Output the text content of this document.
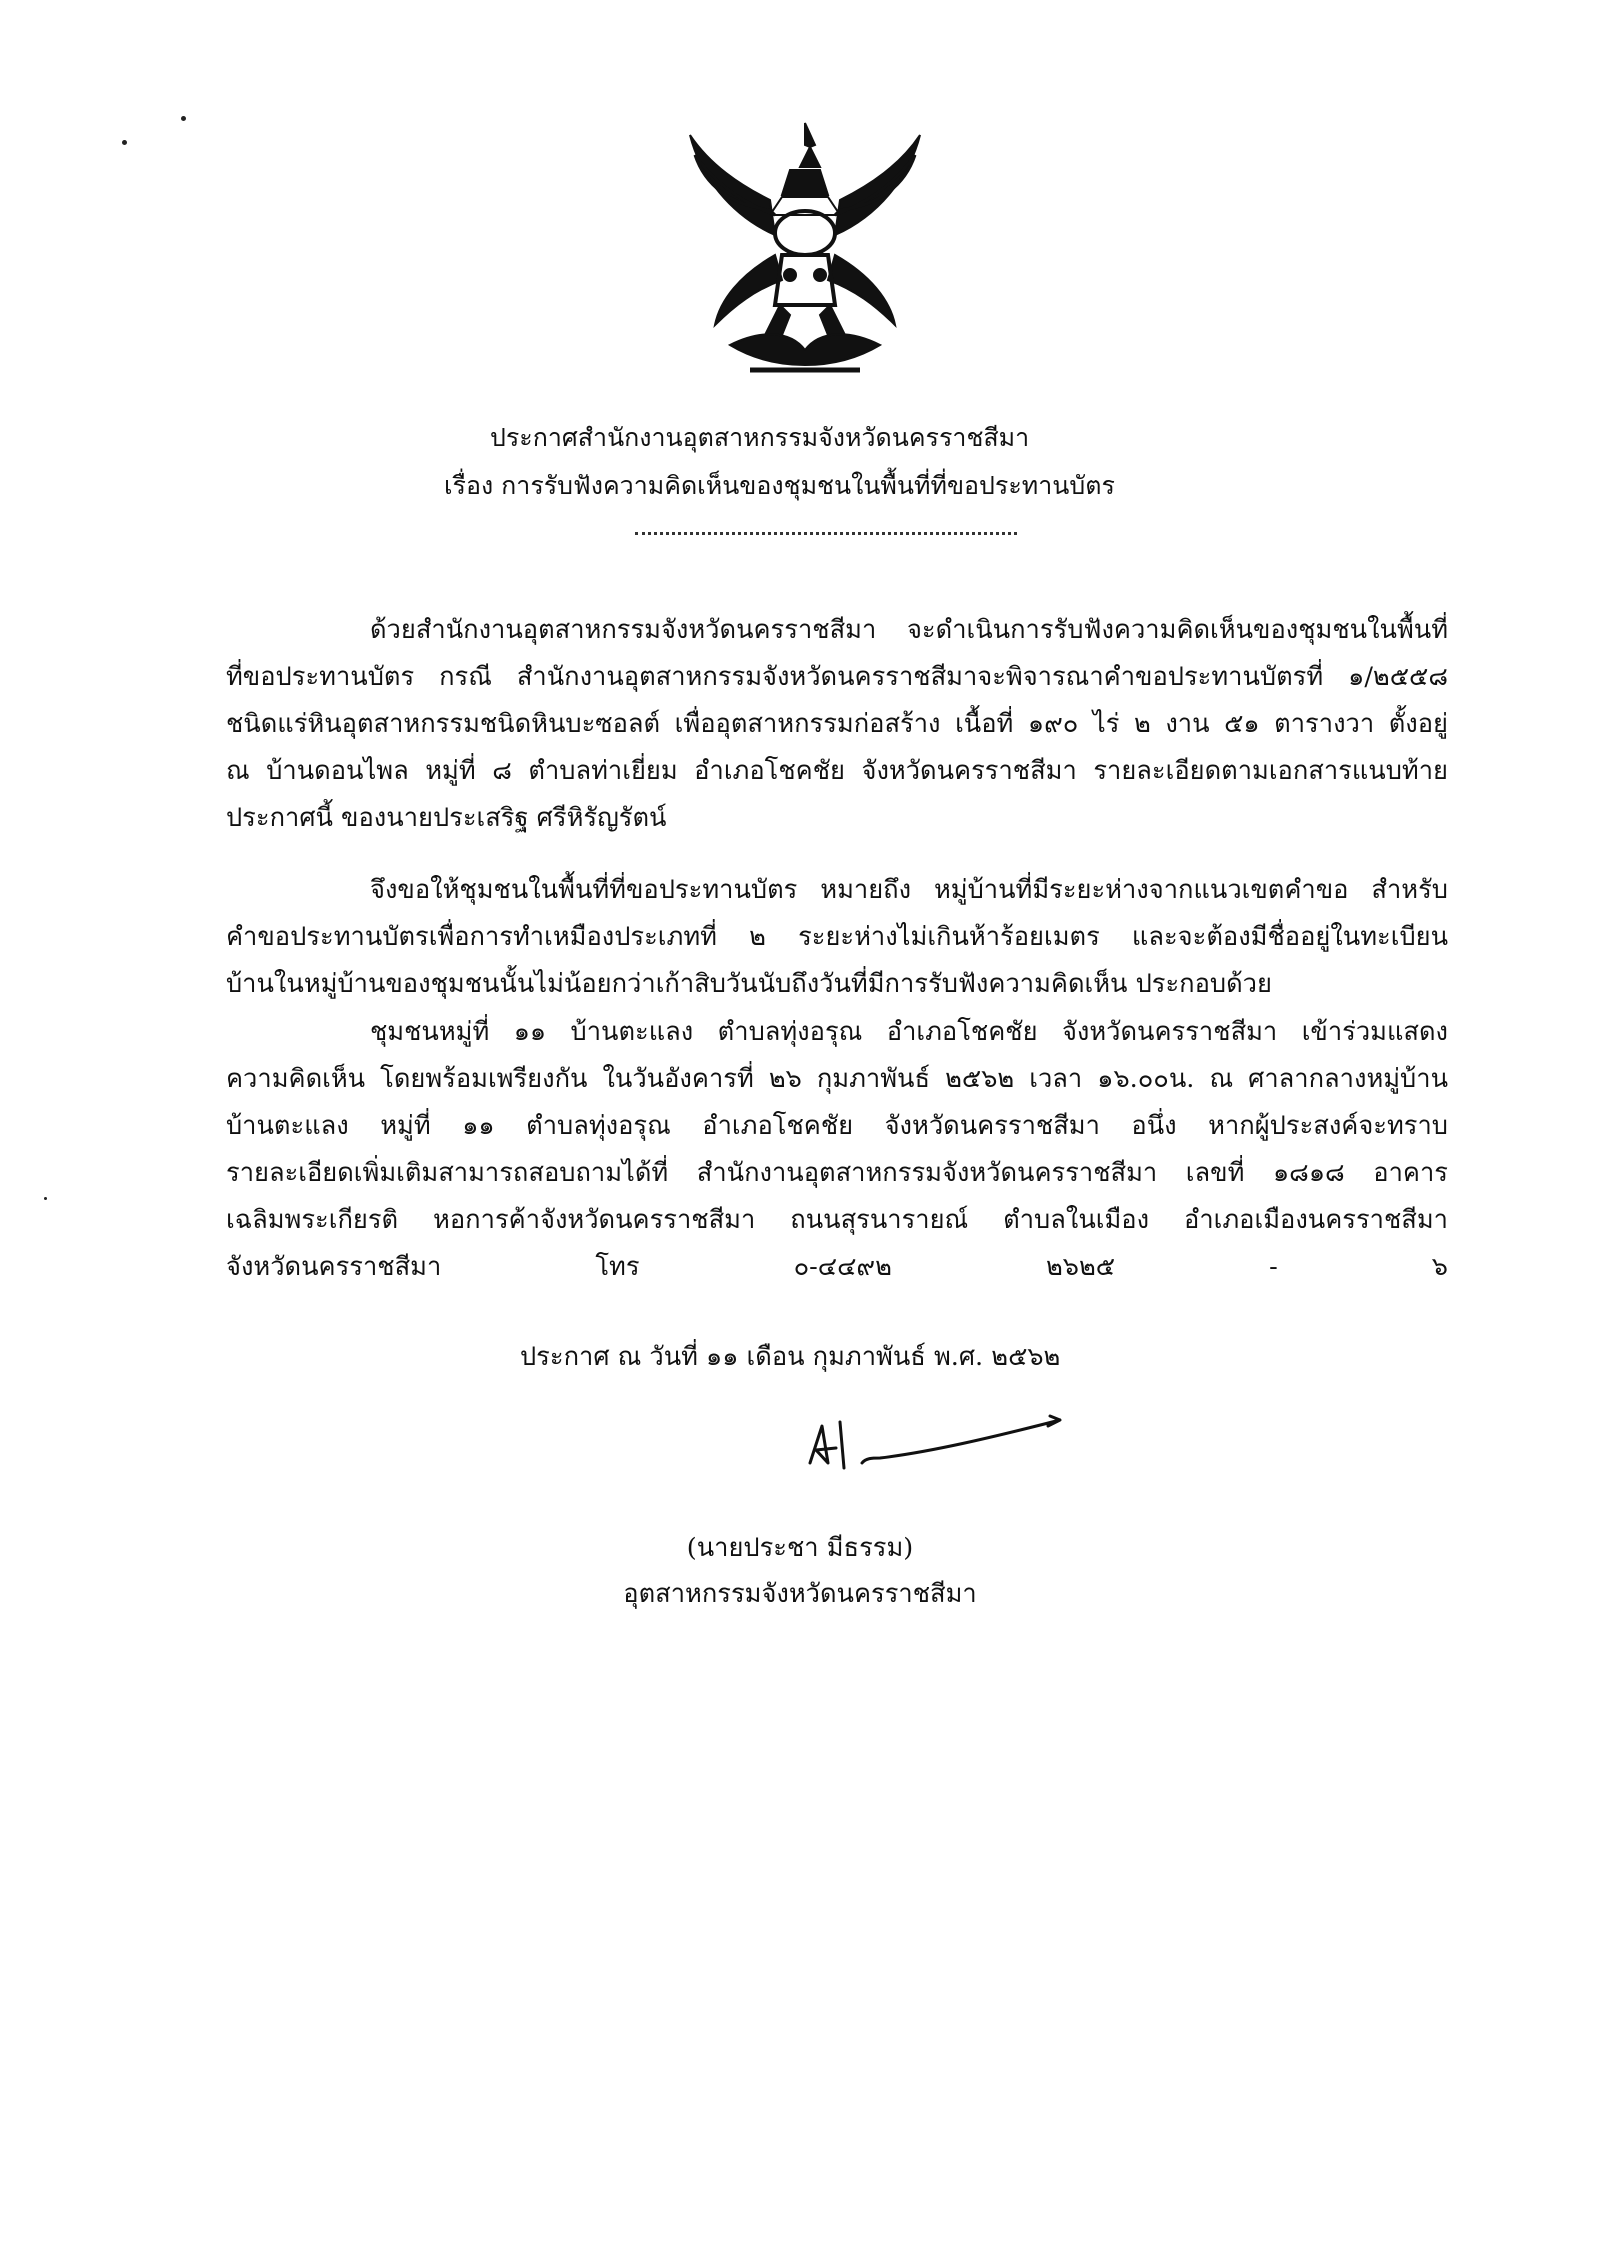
ประกาศสำนักงานอุตสาหกรรมจังหวัดนครราชสีมา
เรื่อง การรับฟังความคิดเห็นของชุมชนในพื้นที่ที่ขอประทานบัตร
ด้วยสำนักงานอุตสาหกรรมจังหวัดนครราชสีมา จะดำเนินการรับฟังความคิดเห็นของชุมชนในพื้นที่
ที่ขอประทานบัตร กรณี สำนักงานอุตสาหกรรมจังหวัดนครราชสีมาจะพิจารณาคำขอประทานบัตรที่ ๑/๒๕๕๘
ชนิดแร่หินอุตสาหกรรมชนิดหินบะซอลต์ เพื่ออุตสาหกรรมก่อสร้าง เนื้อที่ ๑๙๐ ไร่ ๒ งาน ๕๑ ตารางวา ตั้งอยู่
ณ บ้านดอนไพล หมู่ที่ ๘ ตำบลท่าเยี่ยม อำเภอโชคชัย จังหวัดนครราชสีมา รายละเอียดตามเอกสารแนบท้าย
ประกาศนี้ ของนายประเสริฐ ศรีหิรัญรัตน์
จึงขอให้ชุมชนในพื้นที่ที่ขอประทานบัตร หมายถึง หมู่บ้านที่มีระยะห่างจากแนวเขตคำขอ สำหรับ
คำขอประทานบัตรเพื่อการทำเหมืองประเภทที่ ๒ ระยะห่างไม่เกินห้าร้อยเมตร และจะต้องมีชื่ออยู่ในทะเบียน
บ้านในหมู่บ้านของชุมชนนั้นไม่น้อยกว่าเก้าสิบวันนับถึงวันที่มีการรับฟังความคิดเห็น ประกอบด้วย
ชุมชนหมู่ที่ ๑๑ บ้านตะแลง ตำบลทุ่งอรุณ อำเภอโชคชัย จังหวัดนครราชสีมา เข้าร่วมแสดง
ความคิดเห็น โดยพร้อมเพรียงกัน ในวันอังคารที่ ๒๖ กุมภาพันธ์ ๒๕๖๒ เวลา ๑๖.๐๐น. ณ ศาลากลางหมู่บ้าน
บ้านตะแลง หมู่ที่ ๑๑ ตำบลทุ่งอรุณ อำเภอโชคชัย จังหวัดนครราชสีมา อนึ่ง หากผู้ประสงค์จะทราบ
รายละเอียดเพิ่มเติมสามารถสอบถามได้ที่ สำนักงานอุตสาหกรรมจังหวัดนครราชสีมา เลขที่ ๑๘๑๘ อาคาร
เฉลิมพระเกียรติ หอการค้าจังหวัดนครราชสีมา ถนนสุรนารายณ์ ตำบลในเมือง อำเภอเมืองนครราชสีมา
จังหวัดนครราชสีมา โทร ๐-๔๔๙๒ ๒๖๒๕ - ๖
ประกาศ ณ วันที่ ๑๑ เดือน กุมภาพันธ์ พ.ศ. ๒๕๖๒
(นายประชา มีธรรม)
อุตสาหกรรมจังหวัดนครราชสีมา
